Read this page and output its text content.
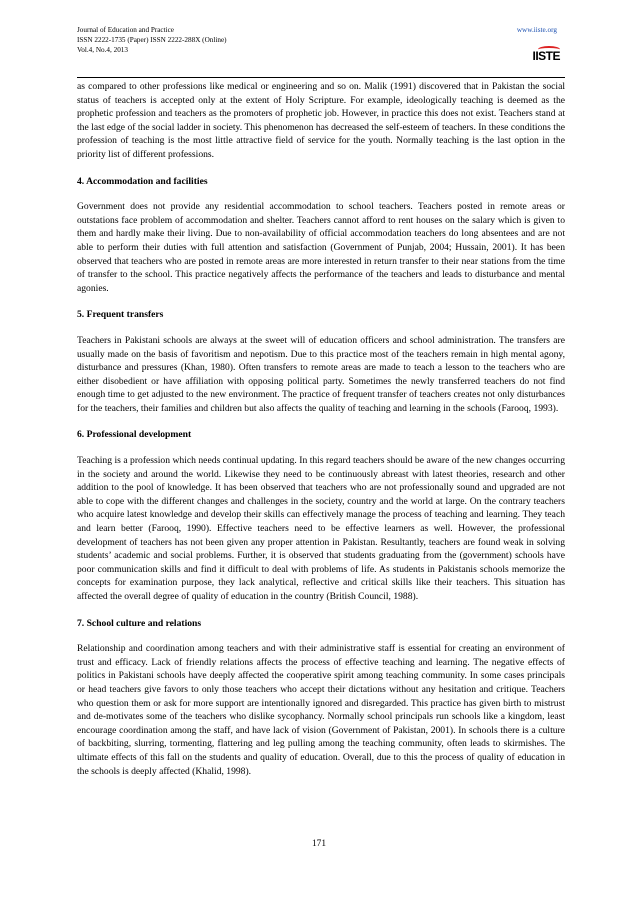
Journal of Education and Practice
ISSN 2222-1735 (Paper) ISSN 2222-288X (Online)
Vol.4, No.4, 2013
www.iiste.org
IISTE

as compared to other professions like medical or engineering and so on. Malik (1991) discovered that in Pakistan the social status of teachers is accepted only at the extent of Holy Scripture. For example, ideologically teaching is deemed as the prophetic profession and teachers as the promoters of prophetic job. However, in practice this does not exist. Teachers stand at the last edge of the social ladder in society. This phenomenon has decreased the self-esteem of teachers. In these conditions the profession of teaching is the most little attractive field of service for the youth. Normally teaching is the last option in the priority list of different professions.

4. Accommodation and facilities

Government does not provide any residential accommodation to school teachers. Teachers posted in remote areas or outstations face problem of accommodation and shelter. Teachers cannot afford to rent houses on the salary which is given to them and hardly make their living. Due to non-availability of official accommodation teachers do long absentees and are not able to perform their duties with full attention and satisfaction (Government of Punjab, 2004; Hussain, 2001). It has been observed that teachers who are posted in remote areas are more interested in return transfer to their near stations from the time of transfer to the school. This practice negatively affects the performance of the teachers and leads to disturbance and mental agonies.

5. Frequent transfers

Teachers in Pakistani schools are always at the sweet will of education officers and school administration. The transfers are usually made on the basis of favoritism and nepotism. Due to this practice most of the teachers remain in high mental agony, disturbance and pressures (Khan, 1980). Often transfers to remote areas are made to teach a lesson to the teachers who are either disobedient or have affiliation with opposing political party. Sometimes the newly transferred teachers do not find enough time to get adjusted to the new environment. The practice of frequent transfer of teachers creates not only disturbances for the teachers, their families and children but also affects the quality of teaching and learning in the schools (Farooq, 1993).

6. Professional development

Teaching is a profession which needs continual updating. In this regard teachers should be aware of the new changes occurring in the society and around the world. Likewise they need to be continuously abreast with latest theories, research and other addition to the pool of knowledge. It has been observed that teachers who are not professionally sound and upgraded are not able to cope with the different changes and challenges in the society, country and the world at large. On the contrary teachers who acquire latest knowledge and develop their skills can effectively manage the process of teaching and learning. They teach and learn better (Farooq, 1990). Effective teachers need to be effective learners as well. However, the professional development of teachers has not been given any proper attention in Pakistan. Resultantly, teachers are found weak in solving students’ academic and social problems. Further, it is observed that students graduating from the (government) schools have poor communication skills and find it difficult to deal with problems of life. As students in Pakistanis schools memorize the concepts for examination purpose, they lack analytical, reflective and critical skills like their teachers. This situation has affected the overall degree of quality of education in the country (British Council, 1988).

7. School culture and relations

Relationship and coordination among teachers and with their administrative staff is essential for creating an environment of trust and efficacy. Lack of friendly relations affects the process of effective teaching and learning. The negative effects of politics in Pakistani schools have deeply affected the cooperative spirit among teaching community. In some cases principals or head teachers give favors to only those teachers who accept their dictations without any hesitation and critique. Teachers who question them or ask for more support are intentionally ignored and disregarded. This practice has given birth to mistrust and de-motivates some of the teachers who dislike sycophancy. Normally school principals run schools like a kingdom, least encourage coordination among the staff, and have lack of vision (Government of Pakistan, 2001). In schools there is a culture of backbiting, slurring, tormenting, flattering and leg pulling among the teaching community, often leads to skirmishes. The ultimate effects of this fall on the students and quality of education. Overall, due to this the process of quality of education in the schools is deeply affected (Khalid, 1998).

171
